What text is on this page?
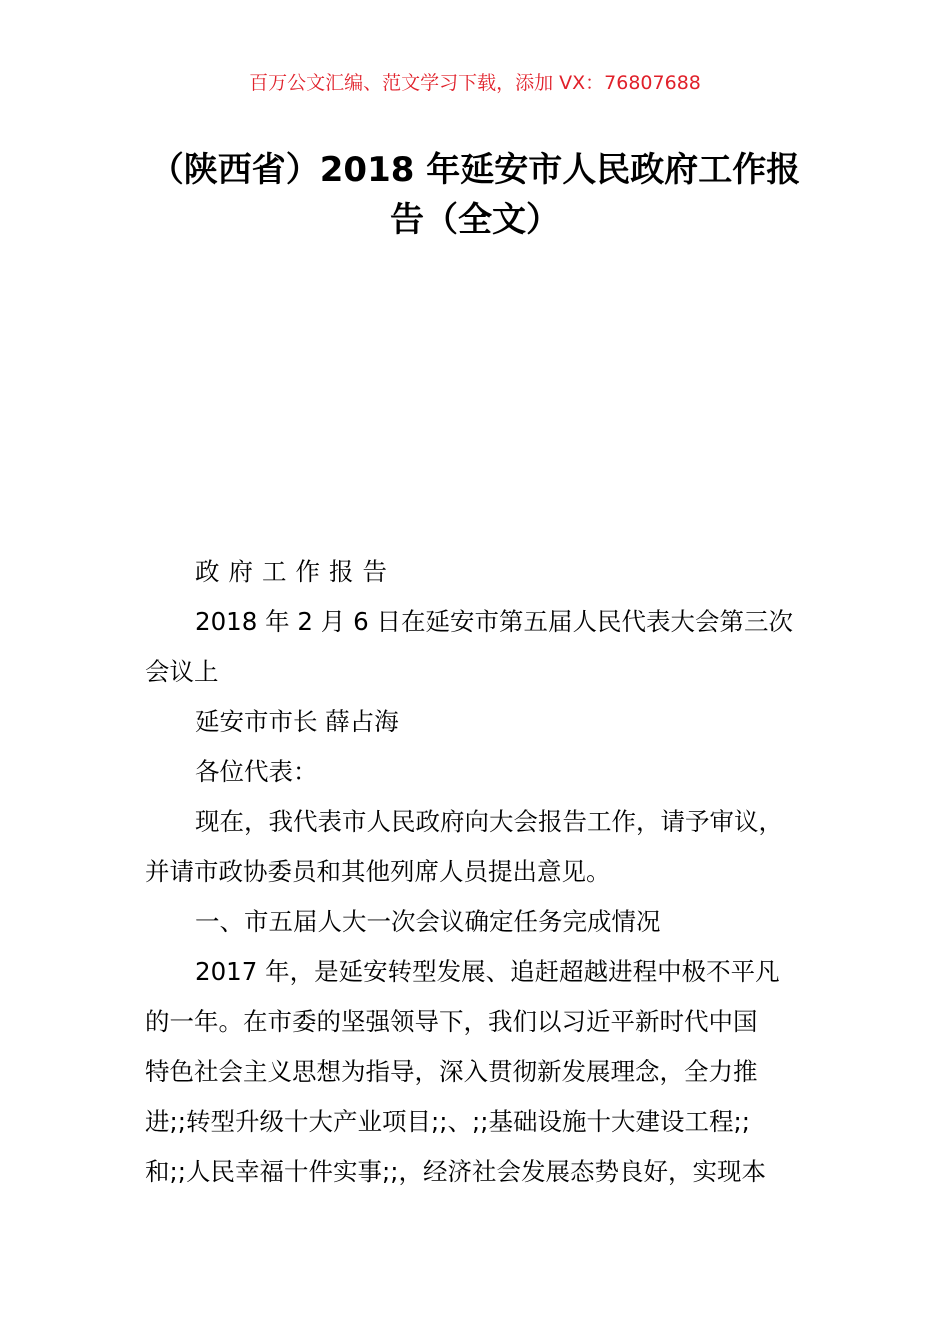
百万公文汇编、范文学习下载，添加 VX：76807688
（陕西省）2018 年延安市人民政府工作报
告（全文）
政府工作报告
2018 年 2 月 6 日在延安市第五届人民代表大会第三次
会议上
延安市市长 薛占海
各位代表：
现在，我代表市人民政府向大会报告工作，请予审议，
并请市政协委员和其他列席人员提出意见。
一、市五届人大一次会议确定任务完成情况
2017 年，是延安转型发展、追赶超越进程中极不平凡
的一年。在市委的坚强领导下，我们以习近平新时代中国
特色社会主义思想为指导，深入贯彻新发展理念，全力推
进;;转型升级十大产业项目;;、;;基础设施十大建设工程;;
和;;人民幸福十件实事;;，经济社会发展态势良好，实现本
